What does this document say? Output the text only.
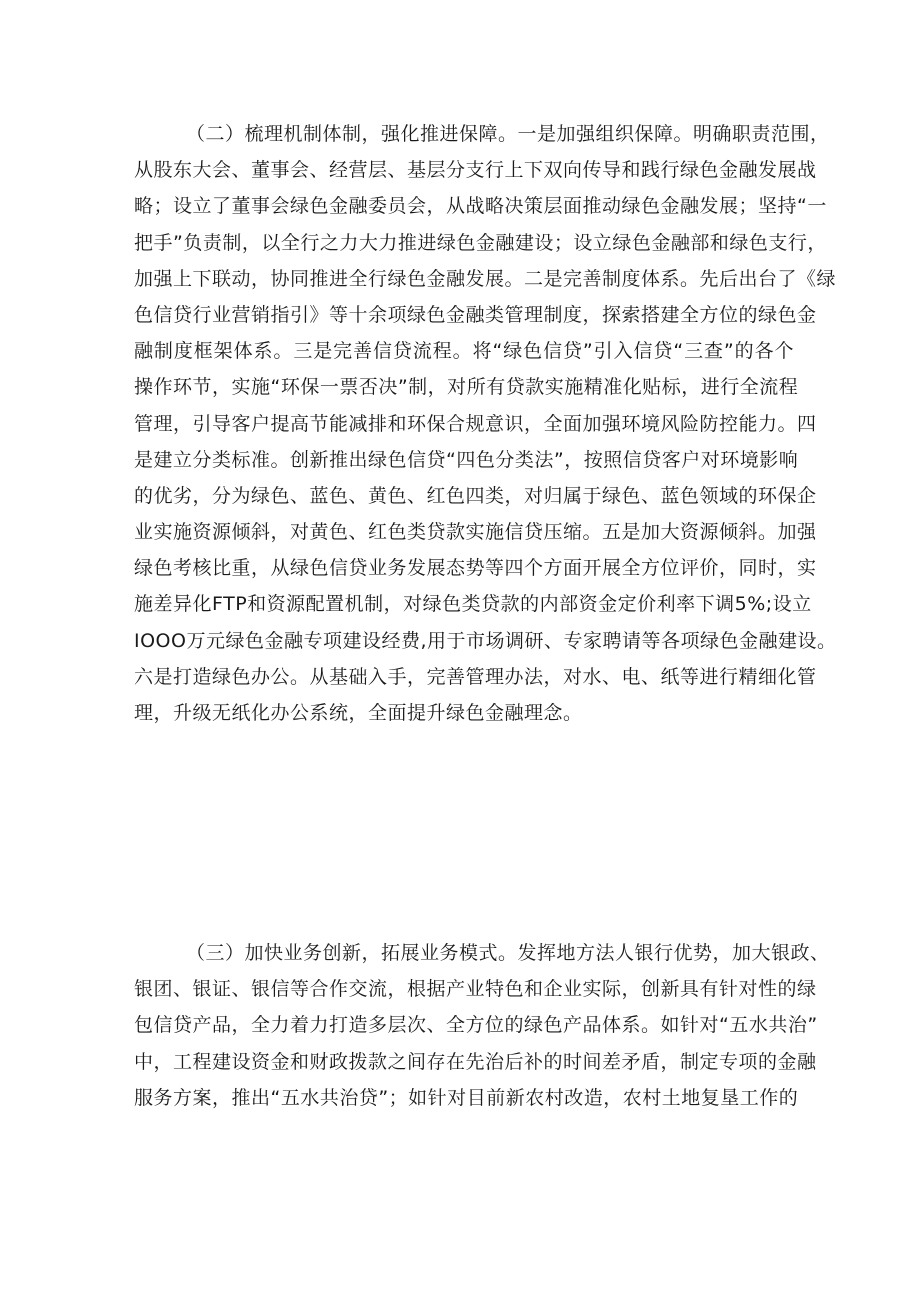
（二）梳理机制体制，强化推进保障。一是加强组织保障。明确职责范围，
从股东大会、董事会、经营层、基层分支行上下双向传导和践行绿色金融发展战
略；设立了董事会绿色金融委员会，从战略决策层面推动绿色金融发展；坚持“一
把手”负责制，以全行之力大力推进绿色金融建设；设立绿色金融部和绿色支行，
加强上下联动，协同推进全行绿色金融发展。二是完善制度体系。先后出台了《绿
色信贷行业营销指引》等十余项绿色金融类管理制度，探索搭建全方位的绿色金
融制度框架体系。三是完善信贷流程。将“绿色信贷”引入信贷“三查”的各个
操作环节，实施“环保一票否决”制，对所有贷款实施精准化贴标，进行全流程
管理，引导客户提高节能减排和环保合规意识，全面加强环境风险防控能力。四
是建立分类标准。创新推出绿色信贷“四色分类法”，按照信贷客户对环境影响
的优劣，分为绿色、蓝色、黄色、红色四类，对归属于绿色、蓝色领域的环保企
业实施资源倾斜，对黄色、红色类贷款实施信贷压缩。五是加大资源倾斜。加强
绿色考核比重，从绿色信贷业务发展态势等四个方面开展全方位评价，同时，实
施差异化FTP和资源配置机制，对绿色类贷款的内部资金定价利率下调5%;设立
IOOO万元绿色金融专项建设经费,用于市场调研、专家聘请等各项绿色金融建设。
六是打造绿色办公。从基础入手，完善管理办法，对水、电、纸等进行精细化管
理，升级无纸化办公系统，全面提升绿色金融理念。
（三）加快业务创新，拓展业务模式。发挥地方法人银行优势，加大银政、
银团、银证、银信等合作交流，根据产业特色和企业实际，创新具有针对性的绿
包信贷产品，全力着力打造多层次、全方位的绿色产品体系。如针对“五水共治”
中，工程建设资金和财政拨款之间存在先治后补的时间差矛盾，制定专项的金融
服务方案，推出“五水共治贷”；如针对目前新农村改造，农村土地复垦工作的
